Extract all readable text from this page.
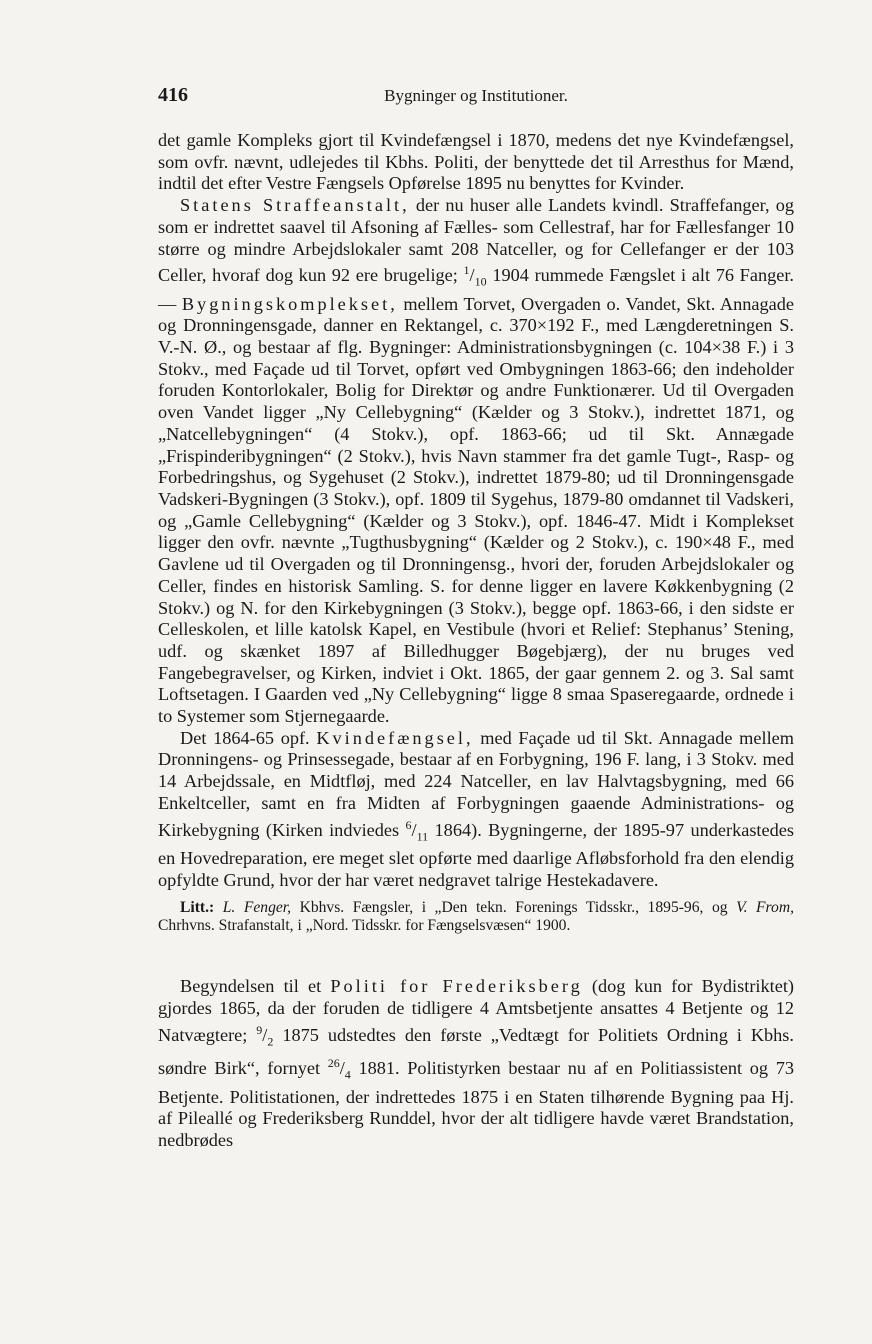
416	Bygninger og Institutioner.

det gamle Kompleks gjort til Kvindefængsel i 1870, medens det nye Kvindefængsel, som ovfr. nævnt, udlejedes til Kbhs. Politi, der benyttede det til Arresthus for Mænd, indtil det efter Vestre Fængsels Opførelse 1895 nu benyttes for Kvinder.

Statens Straffeanstalt, der nu huser alle Landets kvindl. Straffefanger, og som er indrettet saavel til Afsoning af Fælles- som Cellestraf, har for Fællesfanger 10 større og mindre Arbejdslokaler samt 208 Natceller, og for Cellefanger er der 103 Celler, hvoraf dog kun 92 ere brugelige; $^1/_{10}$ 1904 rummede Fængslet i alt 76 Fanger. — Bygningskomplekset, mellem Torvet, Overgaden o. Vandet, Skt. Annagade og Dronningensgade, danner en Rektangel, c. 370×192 F., med Længderetningen S. V.-N. Ø., og bestaar af flg. Bygninger: Administrationsbygningen (c. 104×38 F.) i 3 Stokv., med Façade ud til Torvet, opført ved Ombygningen 1863-66; den indeholder foruden Kontorlokaler, Bolig for Direktør og andre Funktionærer. Ud til Overgaden oven Vandet ligger „Ny Cellebygning“ (Kælder og 3 Stokv.), indrettet 1871, og „Natcellebygningen“ (4 Stokv.), opf. 1863-66; ud til Skt. Annægade „Frispinderibygningen“ (2 Stokv.), hvis Navn stammer fra det gamle Tugt-, Rasp- og Forbedringshus, og Sygehuset (2 Stokv.), indrettet 1879-80; ud til Dronningensgade Vadskeri-Bygningen (3 Stokv.), opf. 1809 til Sygehus, 1879-80 omdannet til Vadskeri, og „Gamle Cellebygning“ (Kælder og 3 Stokv.), opf. 1846-47. Midt i Komplekset ligger den ovfr. nævnte „Tugthusbygning“ (Kælder og 2 Stokv.), c. 190×48 F., med Gavlene ud til Overgaden og til Dronningensg., hvori der, foruden Arbejdslokaler og Celler, findes en historisk Samling. S. for denne ligger en lavere Køkkenbygning (2 Stokv.) og N. for den Kirkebygningen (3 Stokv.), begge opf. 1863-66, i den sidste er Celleskolen, et lille katolsk Kapel, en Vestibule (hvori et Relief: Stephanus’ Stening, udf. og skænket 1897 af Billedhugger Bøgebjærg), der nu bruges ved Fangebegravelser, og Kirken, indviet i Okt. 1865, der gaar gennem 2. og 3. Sal samt Loftsetagen. I Gaarden ved „Ny Cellebygning“ ligge 8 smaa Spaseregaarde, ordnede i to Systemer som Stjernegaarde.

Det 1864-65 opf. Kvindefængsel, med Façade ud til Skt. Annagade mellem Dronningens- og Prinsessegade, bestaar af en Forbygning, 196 F. lang, i 3 Stokv. med 14 Arbejdssale, en Midtfløj, med 224 Natceller, en lav Halvtagsbygning, med 66 Enkeltceller, samt en fra Midten af Forbygningen gaaende Administrations- og Kirkebygning (Kirken indviedes $^6/_{11}$ 1864). Bygningerne, der 1895-97 underkastedes en Hovedreparation, ere meget slet opførte med daarlige Afløbsforhold fra den elendig opfyldte Grund, hvor der har været nedgravet talrige Hestekadavere.

Litt.: L. Fenger, Kbhvs. Fængsler, i „Den tekn. Forenings Tidsskr., 1895-96, og V. From, Chrhvns. Strafanstalt, i „Nord. Tidsskr. for Fængselsvæsen“ 1900.

Begyndelsen til et Politi for Frederiksberg (dog kun for Bydistriktet) gjordes 1865, da der foruden de tidligere 4 Amtsbetjente ansattes 4 Betjente og 12 Natvægtere; $^9/_2$ 1875 udstedtes den første „Vedtægt for Politiets Ordning i Kbhs. søndre Birk“, fornyet $^{26}/_4$ 1881. Politistyrken bestaar nu af en Politiassistent og 73 Betjente. Politistationen, der indrettedes 1875 i en Staten tilhørende Bygning paa Hj. af Pileallé og Frederiksberg Runddel, hvor der alt tidligere havde været Brandstation, nedbrødes
